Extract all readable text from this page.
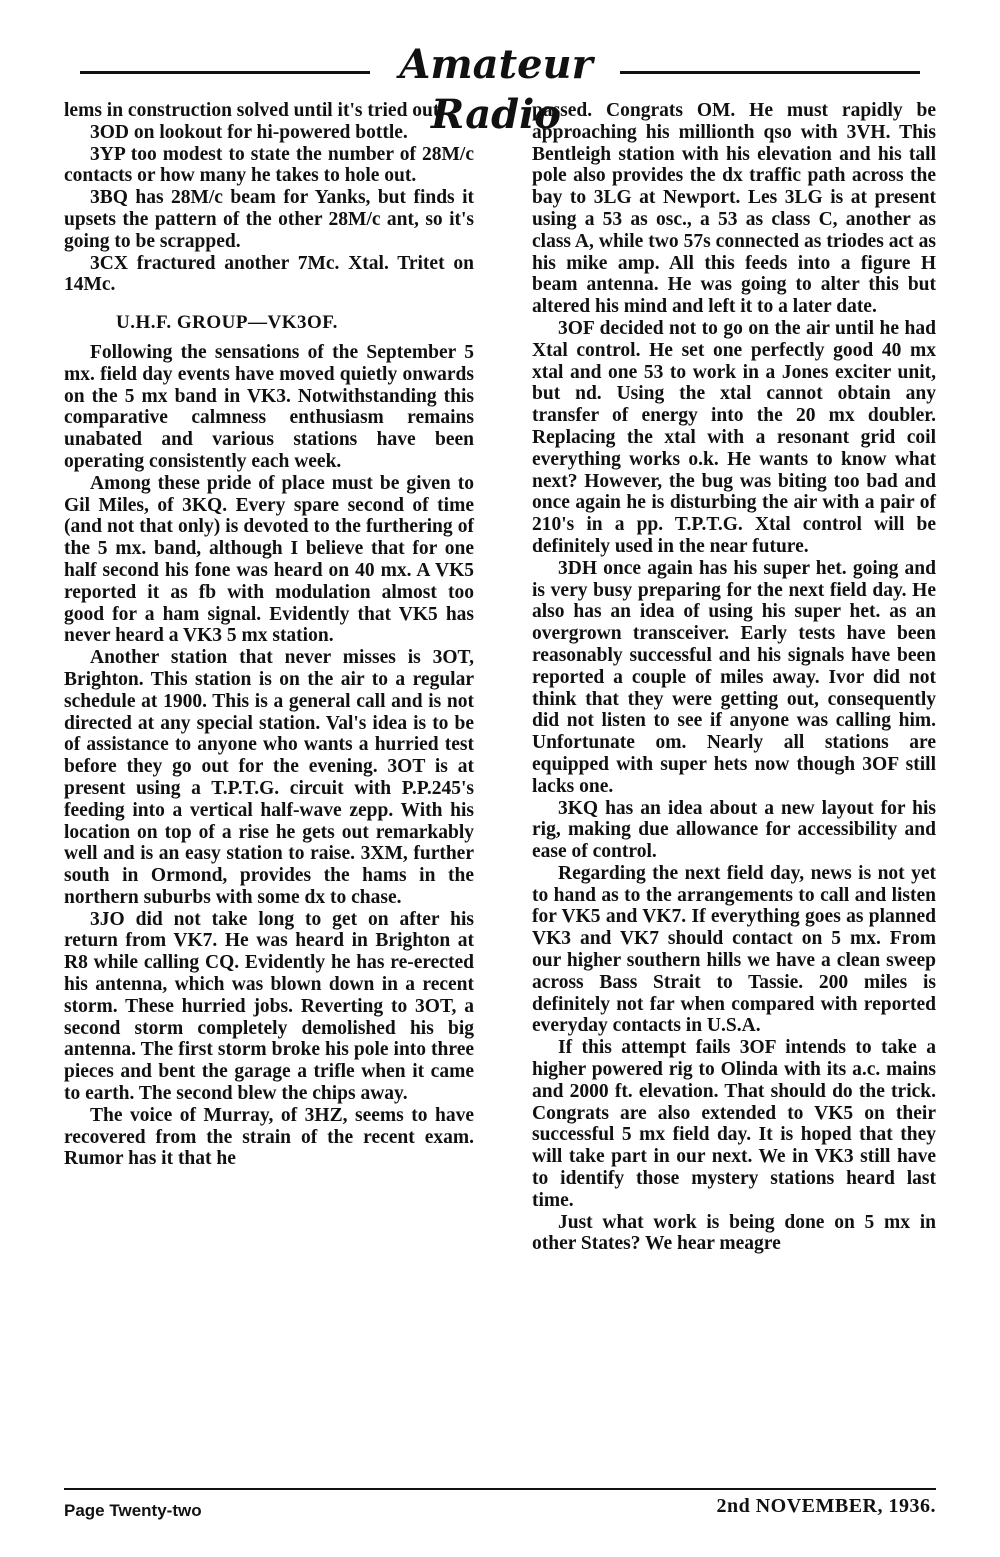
Amateur Radio

lems in construction solved until it's tried out.

3OD on lookout for hi-powered bottle.

3YP too modest to state the number of 28M/c contacts or how many he takes to hole out.

3BQ has 28M/c beam for Yanks, but finds it upsets the pattern of the other 28M/c ant, so it's going to be scrapped.

3CX fractured another 7Mc. Xtal. Tritet on 14Mc.

U.H.F. GROUP—VK3OF.

Following the sensations of the September 5 mx. field day events have moved quietly onwards on the 5 mx band in VK3. Notwithstanding this comparative calmness enthusiasm remains unabated and various stations have been operating consistently each week.

Among these pride of place must be given to Gil Miles, of 3KQ. Every spare second of time (and not that only) is devoted to the furthering of the 5 mx. band, although I believe that for one half second his fone was heard on 40 mx. A VK5 reported it as fb with modulation almost too good for a ham signal. Evidently that VK5 has never heard a VK3 5 mx station.

Another station that never misses is 3OT, Brighton. This station is on the air to a regular schedule at 1900. This is a general call and is not directed at any special station. Val's idea is to be of assistance to anyone who wants a hurried test before they go out for the evening. 3OT is at present using a T.P.T.G. circuit with P.P.245's feeding into a vertical half-wave zepp. With his location on top of a rise he gets out remarkably well and is an easy station to raise. 3XM, further south in Ormond, provides the hams in the northern suburbs with some dx to chase.

3JO did not take long to get on after his return from VK7. He was heard in Brighton at R8 while calling CQ. Evidently he has re-erected his antenna, which was blown down in a recent storm. These hurried jobs. Reverting to 3OT, a second storm completely demolished his big antenna. The first storm broke his pole into three pieces and bent the garage a trifle when it came to earth. The second blew the chips away.

The voice of Murray, of 3HZ, seems to have recovered from the strain of the recent exam. Rumor has it that he

passed. Congrats OM. He must rapidly be approaching his millionth qso with 3VH. This Bentleigh station with his elevation and his tall pole also provides the dx traffic path across the bay to 3LG at Newport. Les 3LG is at present using a 53 as osc., a 53 as class C, another as class A, while two 57s connected as triodes act as his mike amp. All this feeds into a figure H beam antenna. He was going to alter this but altered his mind and left it to a later date.

3OF decided not to go on the air until he had Xtal control. He set one perfectly good 40 mx xtal and one 53 to work in a Jones exciter unit, but nd. Using the xtal cannot obtain any transfer of energy into the 20 mx doubler. Replacing the xtal with a resonant grid coil everything works o.k. He wants to know what next? However, the bug was biting too bad and once again he is disturbing the air with a pair of 210's in a pp. T.P.T.G. Xtal control will be definitely used in the near future.

3DH once again has his super het. going and is very busy preparing for the next field day. He also has an idea of using his super het. as an overgrown transceiver. Early tests have been reasonably successful and his signals have been reported a couple of miles away. Ivor did not think that they were getting out, consequently did not listen to see if anyone was calling him. Unfortunate om. Nearly all stations are equipped with super hets now though 3OF still lacks one.

3KQ has an idea about a new layout for his rig, making due allowance for accessibility and ease of control.

Regarding the next field day, news is not yet to hand as to the arrangements to call and listen for VK5 and VK7. If everything goes as planned VK3 and VK7 should contact on 5 mx. From our higher southern hills we have a clean sweep across Bass Strait to Tassie. 200 miles is definitely not far when compared with reported everyday contacts in U.S.A.

If this attempt fails 3OF intends to take a higher powered rig to Olinda with its a.c. mains and 2000 ft. elevation. That should do the trick. Congrats are also extended to VK5 on their successful 5 mx field day. It is hoped that they will take part in our next. We in VK3 still have to identify those mystery stations heard last time.

Just what work is being done on 5 mx in other States? We hear meagre

Page Twenty-two	2nd NOVEMBER, 1936.
